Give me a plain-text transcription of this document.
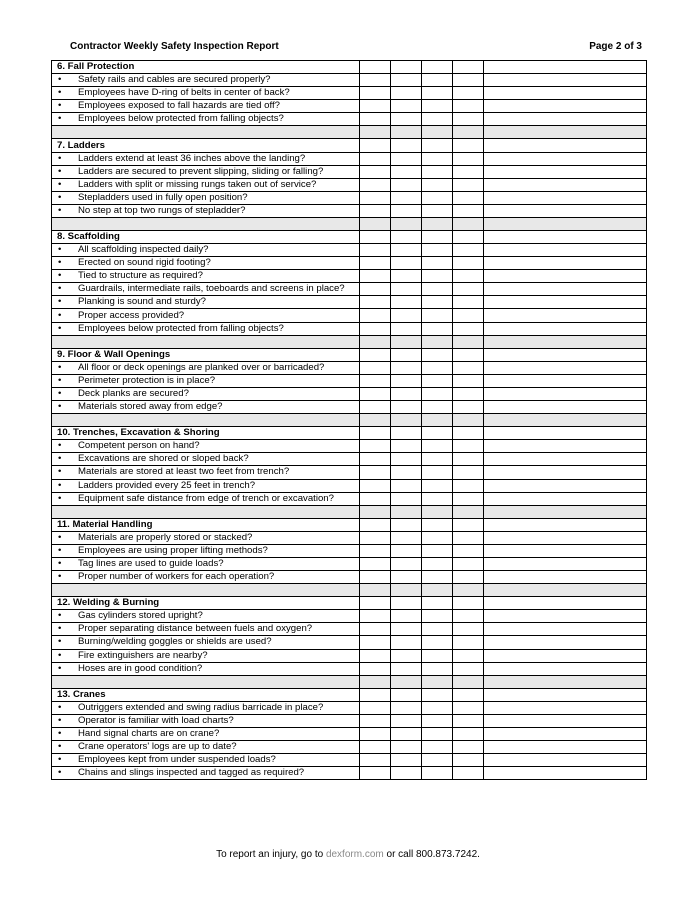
Contractor Weekly Safety Inspection Report	Page 2 of 3
6. Fall Protection					
• Safety rails and cables are secured properly?					
• Employees have D-ring of belts in center of back?					
• Employees exposed to fall hazards are tied off?					
• Employees below protected from falling objects?					

7. Ladders					
• Ladders extend at least 36 inches above the landing?					
• Ladders are secured to prevent slipping, sliding or falling?					
• Ladders with split or missing rungs taken out of service?					
• Stepladders used in fully open position?					
• No step at top two rungs of stepladder?					

8. Scaffolding					
• All scaffolding inspected daily?					
• Erected on sound rigid footing?					
• Tied to structure as required?					
• Guardrails, intermediate rails, toeboards and screens in place?					
• Planking is sound and sturdy?					
• Proper access provided?					
• Employees below protected from falling objects?					

9. Floor & Wall Openings					
• All floor or deck openings are planked over or barricaded?					
• Perimeter protection is in place?					
• Deck planks are secured?					
• Materials stored away from edge?					

10. Trenches, Excavation & Shoring					
• Competent person on hand?					
• Excavations are shored or sloped back?					
• Materials are stored at least two feet from trench?					
• Ladders provided every 25 feet in trench?					
• Equipment safe distance from edge of trench or excavation?					

11. Material Handling					
• Materials are properly stored or stacked?					
• Employees are using proper lifting methods?					
• Tag lines are used to guide loads?					
• Proper number of workers for each operation?					

12. Welding & Burning					
• Gas cylinders stored upright?					
• Proper separating distance between fuels and oxygen?					
• Burning/welding goggles or shields are used?					
• Fire extinguishers are nearby?					
• Hoses are in good condition?					

13. Cranes					
• Outriggers extended and swing radius barricade in place?					
• Operator is familiar with load charts?					
• Hand signal charts are on crane?					
• Crane operators' logs are up to date?					
• Employees kept from under suspended loads?					
• Chains and slings inspected and tagged as required?					
To report an injury, go to dexform.com or call 800.873.7242.
